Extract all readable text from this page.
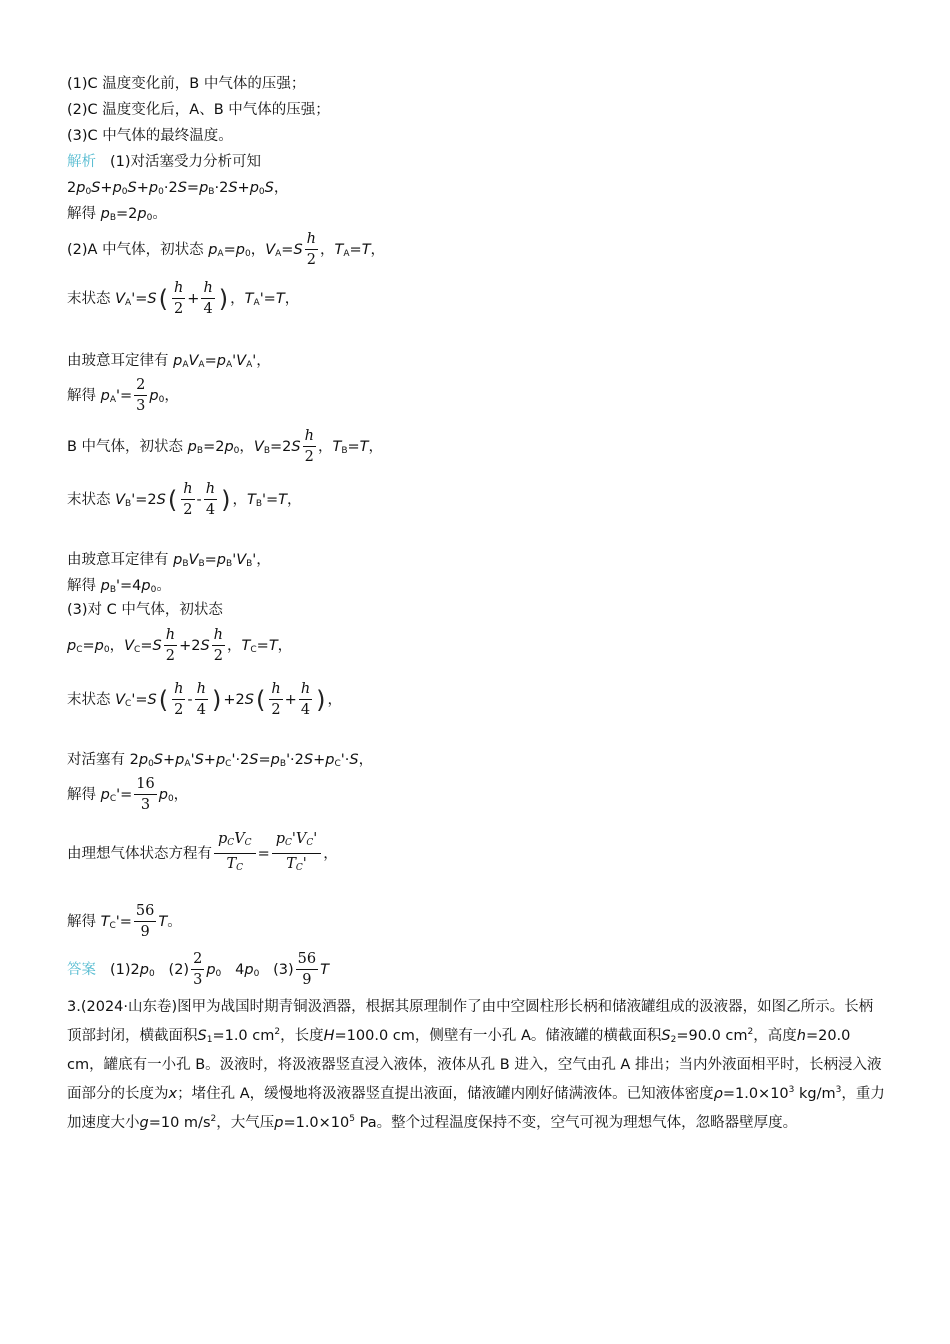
(1)C 温度变化前，B 中气体的压强；
(2)C 温度变化后，A、B 中气体的压强；
(3)C 中气体的最终温度。
解析 (1)对活塞受力分析可知
$2p_0S+p_0S+p_0\cdot 2S=p_B\cdot 2S+p_0S$，
解得 $p_B=2p_0$。
(2)A 中气体，初状态 $p_A=p_0$，$V_A=S \frac{h}{2}$ ，$T_A=T$，
末状态 $V_A'=S( \frac{h}{2} + \frac{h}{4}$ ) ，$T_A'=T$，
由玻意耳定律有 $p_AV_A=p_A'V_A'$，
解得 $p_A'= \frac{2}{3} p_0$，
B 中气体，初状态 $p_B=2p_0$，$V_B=2S \frac{h}{2}$ ，$T_B=T$，
末状态 $V_B'=2S( \frac{h}{2} - \frac{h}{4}$ ) ，$T_B'=T$，
由玻意耳定律有 $p_BV_B=p_B'V_B'$，
解得 $p_B'=4p_0$。
(3)对 C 中气体，初状态
$p_C=p_0$，$V_C=S \frac{h}{2} +2S \frac{h}{2}$ ，$T_C=T$，
末状态 $V_C'=S( \frac{h}{2} - \frac{h}{4}$ ) $+2S( \frac{h}{2} + \frac{h}{4}$ ) ，
对活塞有 $2p_0S+p_A'S+p_C'\cdot 2S=p_B'\cdot 2S+p_C'\cdot S$，
解得 $p_C'= \frac{16}{3} p_0$，
由理想气体状态方程有 $\frac{p_CV_C}{T_C} = \frac{p_C'V_C'}{T_C'}$ ，
解得 $T_C'= \frac{56}{9}$ T。
答案 $(1)2p_0$   $(2) \frac{2}{3} p_0$   $4p_0$   $(3) \frac{56}{9}$ T
3.(2024·山东卷)图甲为战国时期青铜汲酒器，根据其原理制作了由中空圆柱形长柄和储液罐组成的汲液器，如图乙所示。长柄顶部封闭，横截面积$S_1=1.0$ $cm^2$，长度H=100.0 cm，侧壁有一小孔 A。储液罐的横截面积$S_2=90.0$ $cm^2$，高度h=20.0 cm，罐底有一小孔 B。汲液时，将汲液器竖直浸入液体，液体从孔 B 进入，空气由孔 A 排出；当内外液面相平时，长柄浸入液面部分的长度为x；堵住孔 A，缓慢地将汲液器竖直提出液面，储液罐内刚好储满液体。已知液体密度$\rho=1.0\times 10^3$ $kg/m^3$，重力加速度大小g=10 $m/s^2$，大气压$p=1.0\times 10^5$ Pa。整个过程温度保持不变，空气可视为理想气体，忽略器壁厚度。
